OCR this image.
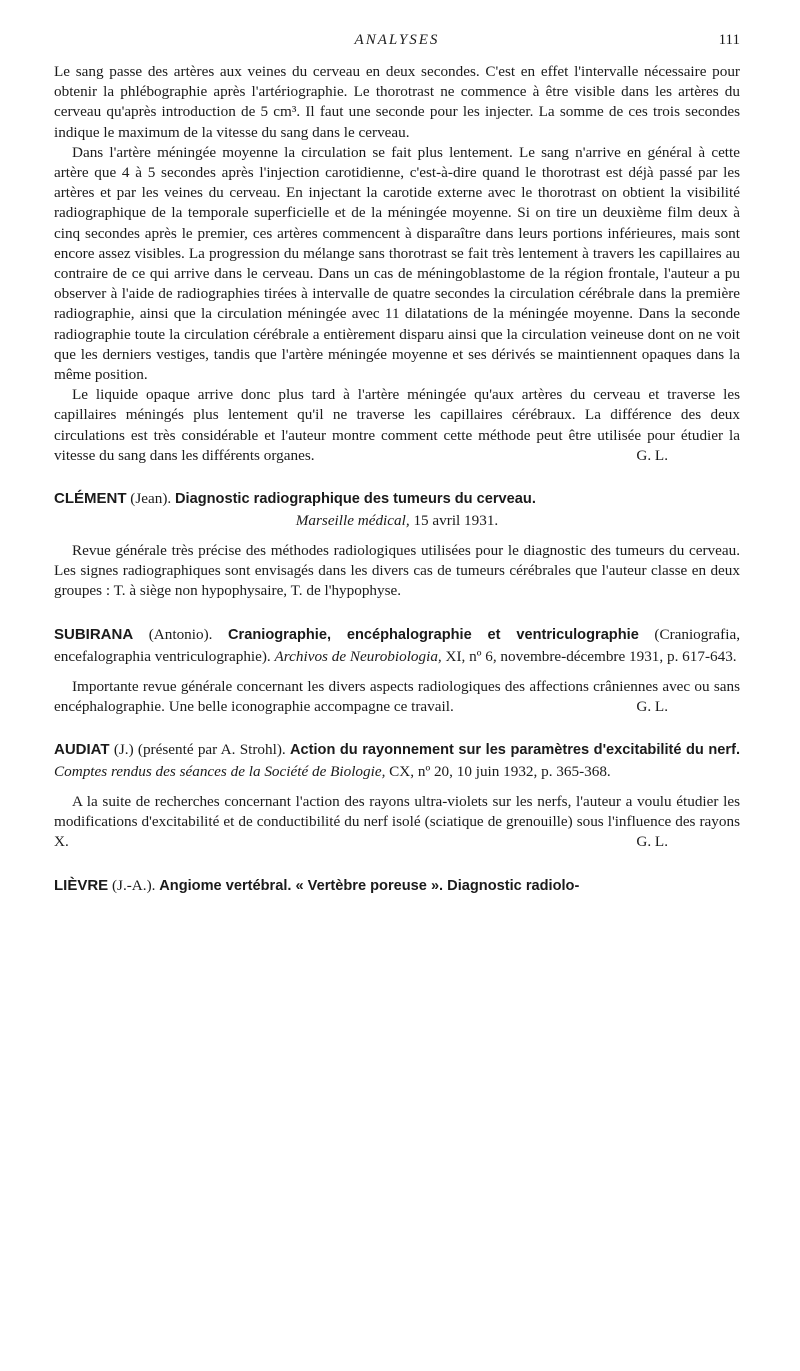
ANALYSES	111

Le sang passe des artères aux veines du cerveau en deux secondes. C'est en effet l'intervalle nécessaire pour obtenir la phlébographie après l'artériographie. Le thorotrast ne commence à être visible dans les artères du cerveau qu'après introduction de 5 cm³. Il faut une seconde pour les injecter. La somme de ces trois secondes indique le maximum de la vitesse du sang dans le cerveau.

Dans l'artère méningée moyenne la circulation se fait plus lentement. Le sang n'arrive en général à cette artère que 4 à 5 secondes après l'injection carotidienne, c'est-à-dire quand le thorotrast est déjà passé par les artères et par les veines du cerveau. En injectant la carotide externe avec le thorotrast on obtient la visibilité radiographique de la temporale superficielle et de la méningée moyenne. Si on tire un deuxième film deux à cinq secondes après le premier, ces artères commencent à disparaître dans leurs portions inférieures, mais sont encore assez visibles. La progression du mélange sans thorotrast se fait très lentement à travers les capillaires au contraire de ce qui arrive dans le cerveau. Dans un cas de méningoblastome de la région frontale, l'auteur a pu observer à l'aide de radiographies tirées à intervalle de quatre secondes la circulation cérébrale dans la première radiographie, ainsi que la circulation méningée avec 11 dilatations de la méningée moyenne. Dans la seconde radiographie toute la circulation cérébrale a entièrement disparu ainsi que la circulation veineuse dont on ne voit que les derniers vestiges, tandis que l'artère méningée moyenne et ses dérivés se maintiennent opaques dans la même position.

Le liquide opaque arrive donc plus tard à l'artère méningée qu'aux artères du cerveau et traverse les capillaires méningés plus lentement qu'il ne traverse les capillaires cérébraux. La différence des deux circulations est très considérable et l'auteur montre comment cette méthode peut être utilisée pour étudier la vitesse du sang dans les différents organes.	G. L.

CLÉMENT (Jean). Diagnostic radiographique des tumeurs du cerveau.
Marseille médical, 15 avril 1931.

Revue générale très précise des méthodes radiologiques utilisées pour le diagnostic des tumeurs du cerveau. Les signes radiographiques sont envisagés dans les divers cas de tumeurs cérébrales que l'auteur classe en deux groupes : T. à siège non hypophysaire, T. de l'hypophyse.

SUBIRANA (Antonio). Craniographie, encéphalographie et ventriculographie (Craniografia, encefalographia ventriculographie). Archivos de Neurobiologia, XI, nº 6, novembre-décembre 1931, p. 617-643.

Importante revue générale concernant les divers aspects radiologiques des affections crâniennes avec ou sans encéphalographie. Une belle iconographie accompagne ce travail.	G. L.

AUDIAT (J.) (présenté par A. Strohl). Action du rayonnement sur les paramètres d'excitabilité du nerf. Comptes rendus des séances de la Société de Biologie, CX, nº 20, 10 juin 1932, p. 365-368.

A la suite de recherches concernant l'action des rayons ultra-violets sur les nerfs, l'auteur a voulu étudier les modifications d'excitabilité et de conductibilité du nerf isolé (sciatique de grenouille) sous l'influence des rayons X.	G. L.

LIÈVRE (J.-A.). Angiome vertébral. « Vertèbre poreuse ». Diagnostic radiolo-
